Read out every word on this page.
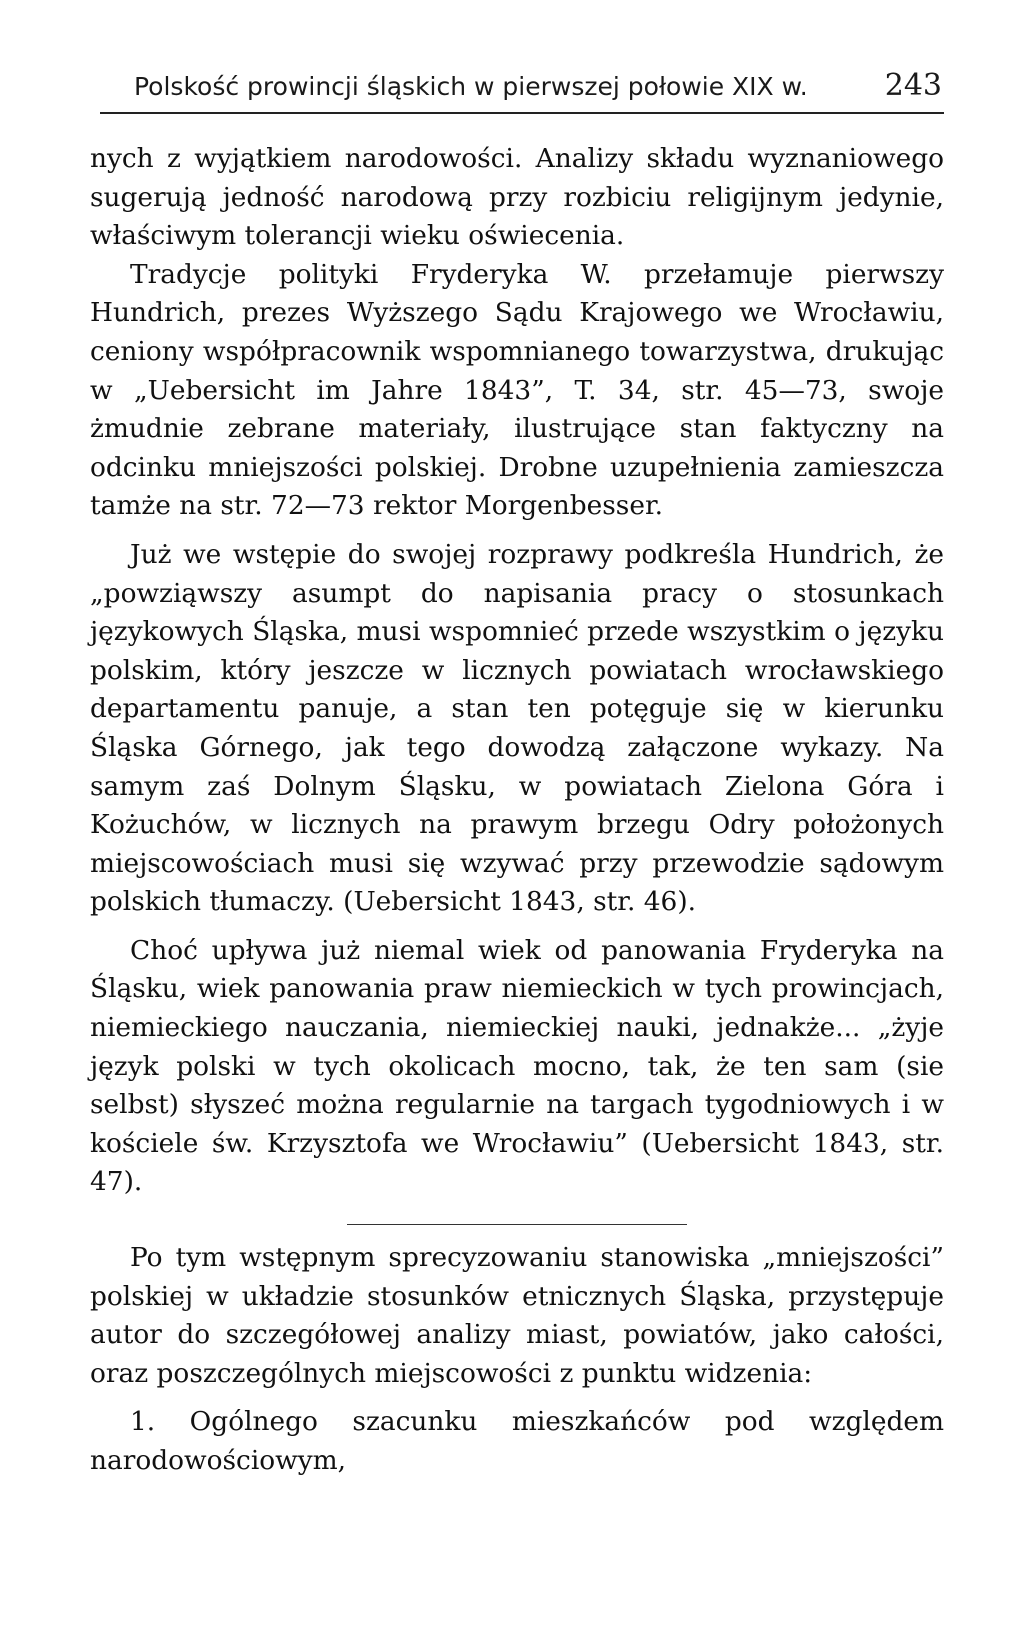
Polskość prowincji śląskich w pierwszej połowie XIX w.	243

nych z wyjątkiem narodowości. Analizy składu wyznaniowego sugerują jedność narodową przy rozbiciu religijnym jedynie, właściwym tolerancji wieku oświecenia.

Tradycje polityki Fryderyka W. przełamuje pierwszy Hundrich, prezes Wyższego Sądu Krajowego we Wrocławiu, ceniony współpracownik wspomnianego towarzystwa, drukując w „Uebersicht im Jahre 1843”, T. 34, str. 45—73, swoje żmudnie zebrane materiały, ilustrujące stan faktyczny na odcinku mniejszości polskiej. Drobne uzupełnienia zamieszcza tamże na str. 72—73 rektor Morgenbesser.

Już we wstępie do swojej rozprawy podkreśla Hundrich, że „powziąwszy asumpt do napisania pracy o stosunkach językowych Śląska, musi wspomnieć przede wszystkim o języku polskim, który jeszcze w licznych powiatach wrocławskiego departamentu panuje, a stan ten potęguje się w kierunku Śląska Górnego, jak tego dowodzą załączone wykazy. Na samym zaś Dolnym Śląsku, w powiatach Zielona Góra i Kożuchów, w licznych na prawym brzegu Odry położonych miejscowościach musi się wzywać przy przewodzie sądowym polskich tłumaczy. (Uebersicht 1843, str. 46).

Choć upływa już niemal wiek od panowania Fryderyka na Śląsku, wiek panowania praw niemieckich w tych prowincjach, niemieckiego nauczania, niemieckiej nauki, jednakże... „żyje język polski w tych okolicach mocno, tak, że ten sam (sie selbst) słyszeć można regularnie na targach tygodniowych i w kościele św. Krzysztofa we Wrocławiu” (Uebersicht 1843, str. 47).

Po tym wstępnym sprecyzowaniu stanowiska „mniejszości” polskiej w układzie stosunków etnicznych Śląska, przystępuje autor do szczegółowej analizy miast, powiatów, jako całości, oraz poszczególnych miejscowości z punktu widzenia:

1. Ogólnego szacunku mieszkańców pod względem narodowościowym,
